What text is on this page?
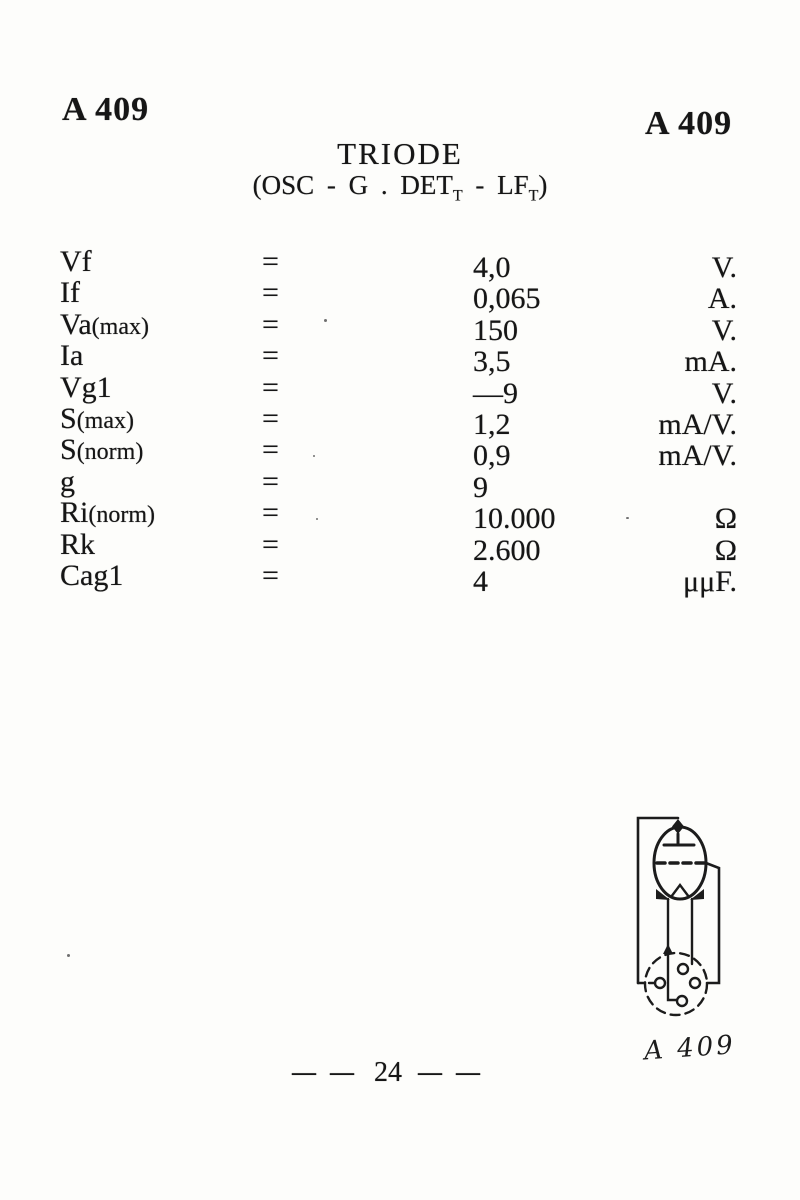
A 409	A 409
TRIODE
(OSC - G . $DET_T - LF_T$)
Vf	=	4,0	V.
If	=	0,065	A.
Va(max)	=	150	V.
Ia	=	3,5	mA.
Vg1	=	—9	V.
S(max)	=	1,2	mA/V.
S(norm)	=	0,9	mA/V.
g	=	9
Ri(norm)	=	10.000	Ω
Rk	=	2.600	Ω
Cag1	=	4	μμF.
A 409
— — 24 — —
